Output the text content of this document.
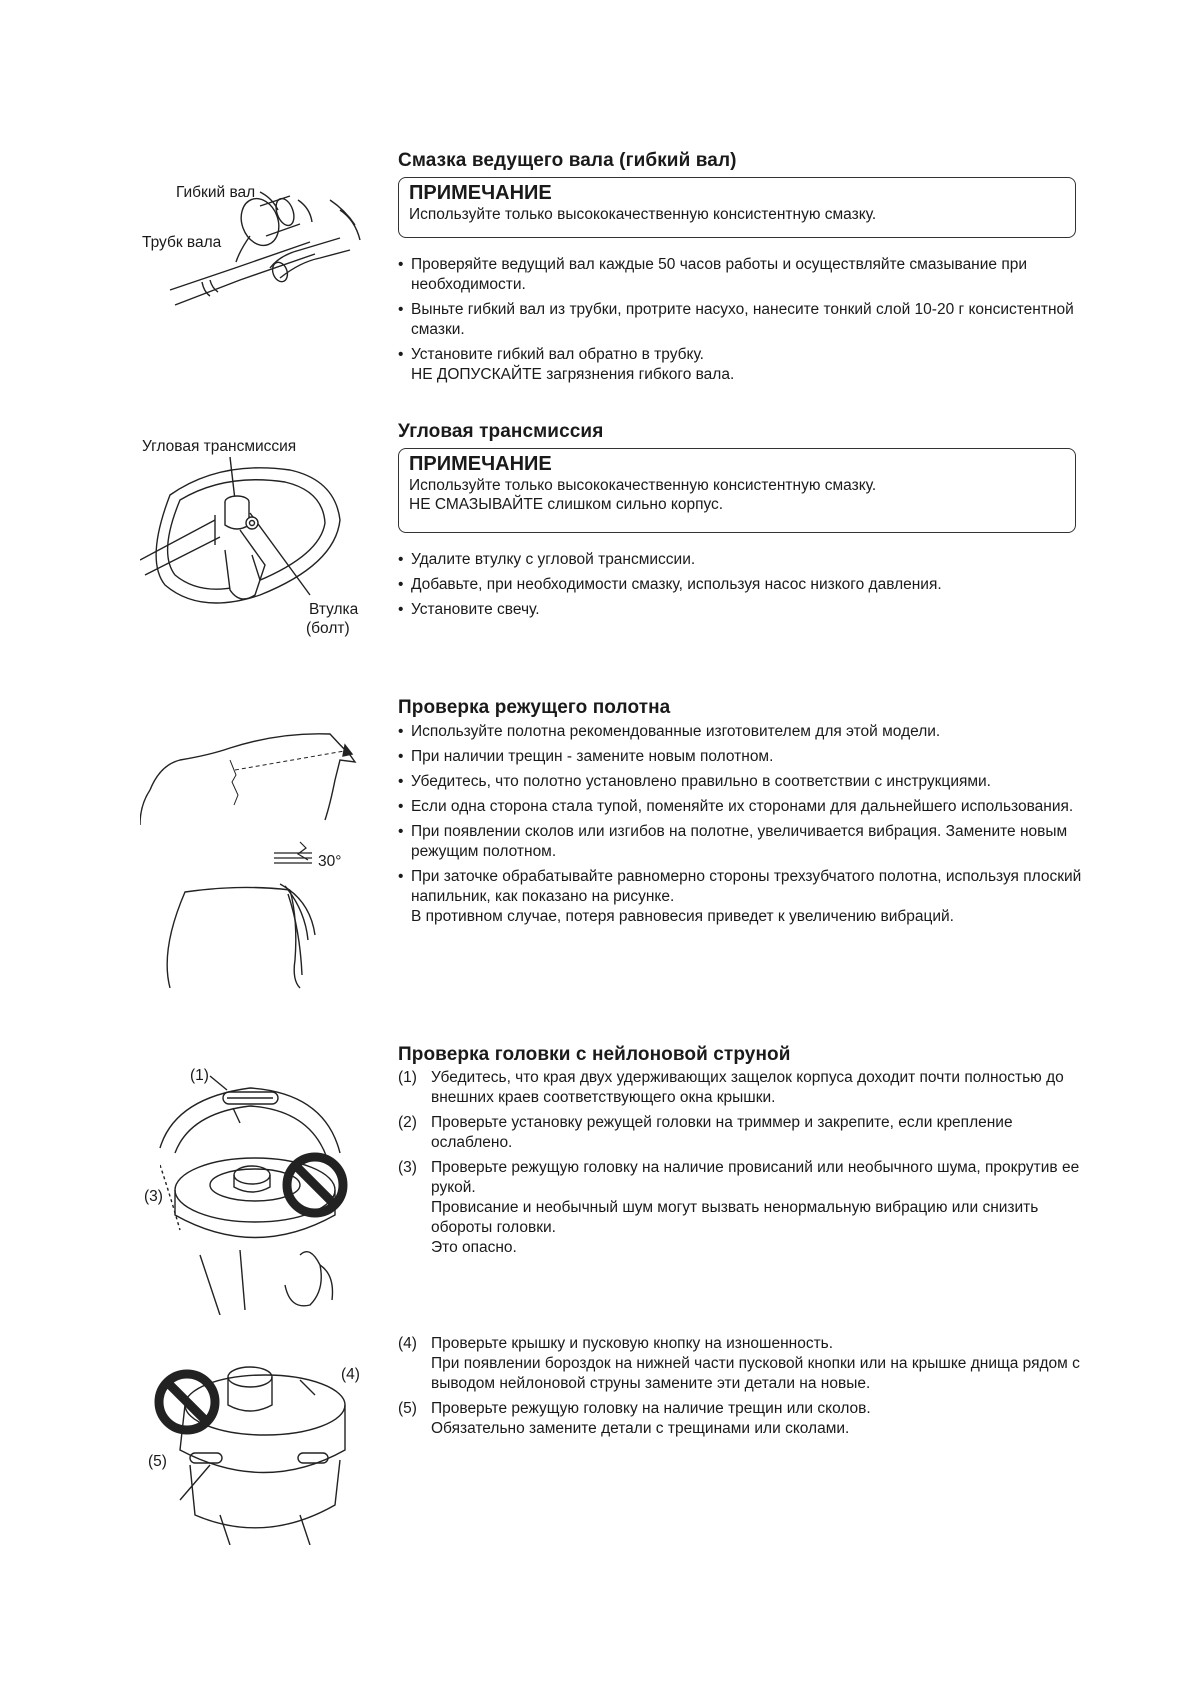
Смазка ведущего вала (гибкий вал)
ПРИМЕЧАНИЕ
Используйте только высококачественную консистентную смазку.
• Проверяйте ведущий вал каждые 50 часов работы и осуществляйте смазывание при необходимости.
• Выньте гибкий вал из трубки, протрите насухо, нанесите тонкий слой 10-20 г консистентной смазки.
• Установите гибкий вал обратно в трубку.
НЕ ДОПУСКАЙТЕ загрязнения гибкого вала.
Гибкий вал
Трубк вала
Угловая трансмиссия
ПРИМЕЧАНИЕ
Используйте только высококачественную консистентную смазку.
НЕ СМАЗЫВАЙТЕ слишком сильно корпус.
• Удалите втулку с угловой трансмиссии.
• Добавьте, при необходимости смазку, используя насос низкого давления.
• Установите свечу.
Угловая трансмиссия
Втулка
(болт)
Проверка режущего полотна
• Используйте полотна рекомендованные изготовителем для этой модели.
• При наличии трещин - замените новым полотном.
• Убедитесь, что полотно установлено правильно в соответствии с инструкциями.
• Если одна сторона стала тупой, поменяйте их сторонами для дальнейшего использования.
• При появлении сколов или изгибов на полотне, увеличивается вибрация. Замените новым режущим полотном.
• При заточке обрабатывайте равномерно стороны трехзубчатого полотна, используя плоский напильник, как показано на рисунке.
В противном случае, потеря равновесия приведет к увеличению вибраций.
30°
Проверка головки с нейлоновой струной
(1) Убедитесь, что края двух удерживающих защелок корпуса доходит почти полностью до внешних краев соответствующего окна крышки.
(2) Проверьте установку режущей головки на триммер и закрепите, если крепление ослаблено.
(3) Проверьте режущую головку на наличие провисаний или необычного шума, прокрутив ее рукой.
Провисание и необычный шум могут вызвать ненормальную вибрацию или снизить обороты головки.
Это опасно.
(4) Проверьте крышку и пусковую кнопку на изношенность.
При появлении бороздок на нижней части пусковой кнопки или на крышке днища рядом с выводом нейлоновой струны замените эти детали на новые.
(5) Проверьте режущую головку на наличие трещин или сколов.
Обязательно замените детали с трещинами или сколами.
(1)
(3)
(4)
(5)
